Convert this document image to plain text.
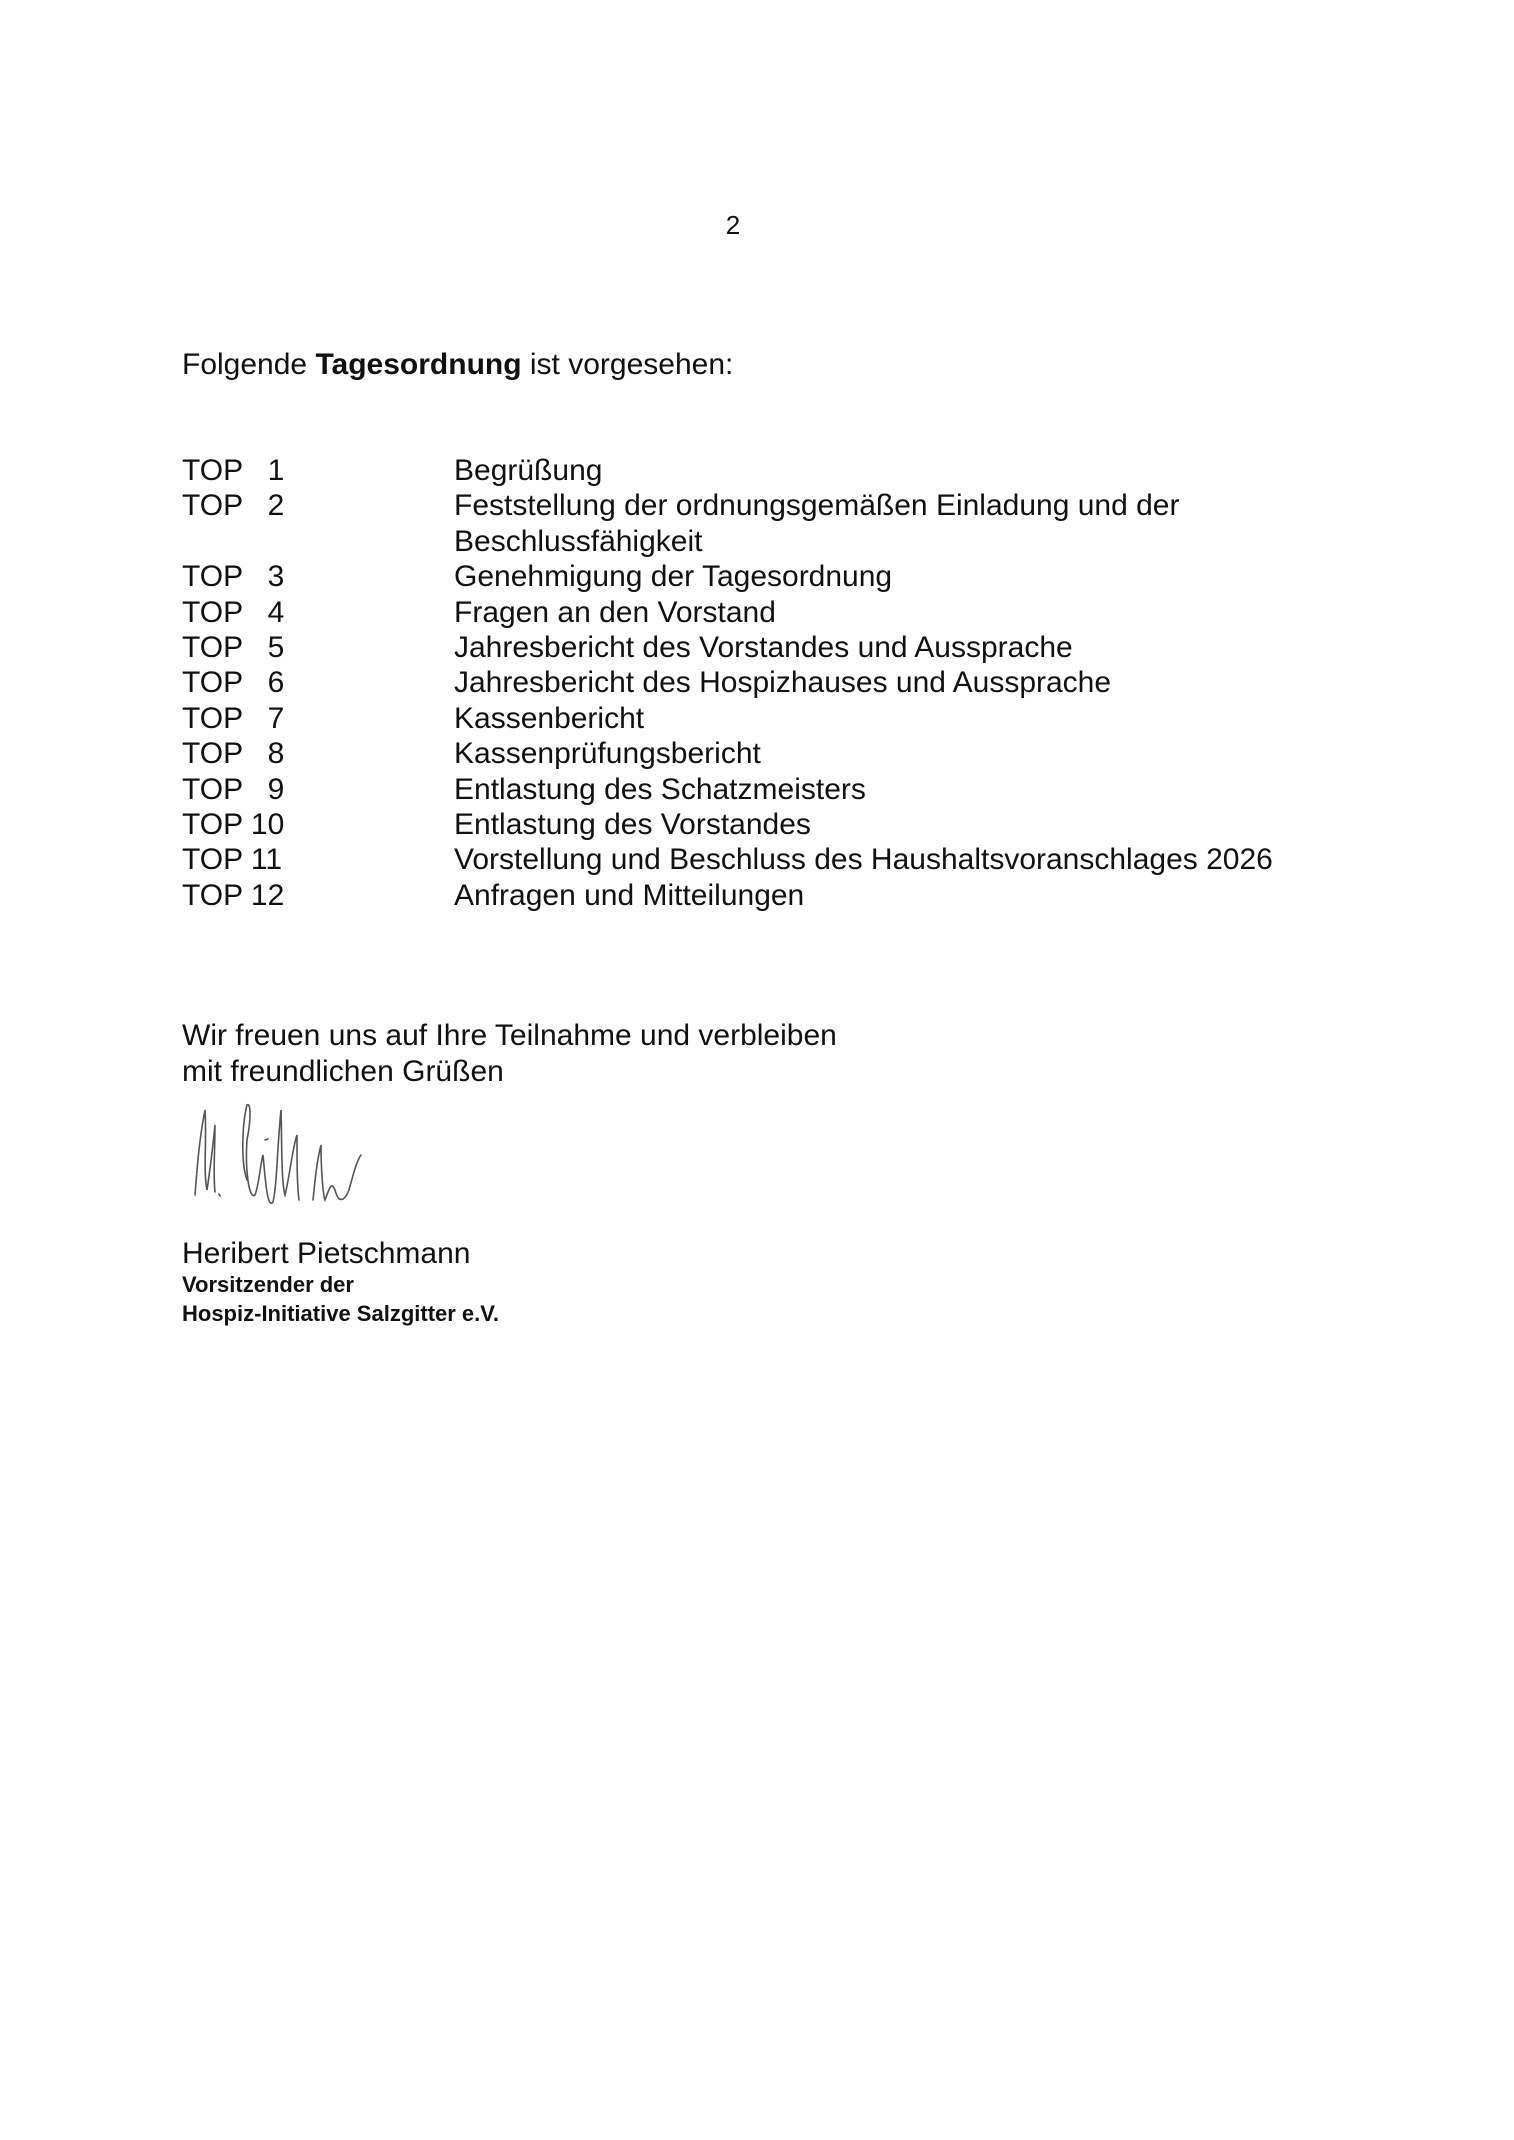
2
Folgende Tagesordnung ist vorgesehen:
TOP   1	Begrüßung
TOP   2	Feststellung der ordnungsgemäßen Einladung und der
Beschlussfähigkeit
TOP   3	Genehmigung der Tagesordnung
TOP   4	Fragen an den Vorstand
TOP   5	Jahresbericht des Vorstandes und Aussprache
TOP   6	Jahresbericht des Hospizhauses und Aussprache
TOP   7	Kassenbericht
TOP   8	Kassenprüfungsbericht
TOP   9	Entlastung des Schatzmeisters
TOP 10	Entlastung des Vorstandes
TOP 11	Vorstellung und Beschluss des Haushaltsvoranschlages 2026
TOP 12	Anfragen und Mitteilungen
Wir freuen uns auf Ihre Teilnahme und verbleiben
mit freundlichen Grüßen
Heribert Pietschmann
Vorsitzender der
Hospiz-Initiative Salzgitter e.V.
